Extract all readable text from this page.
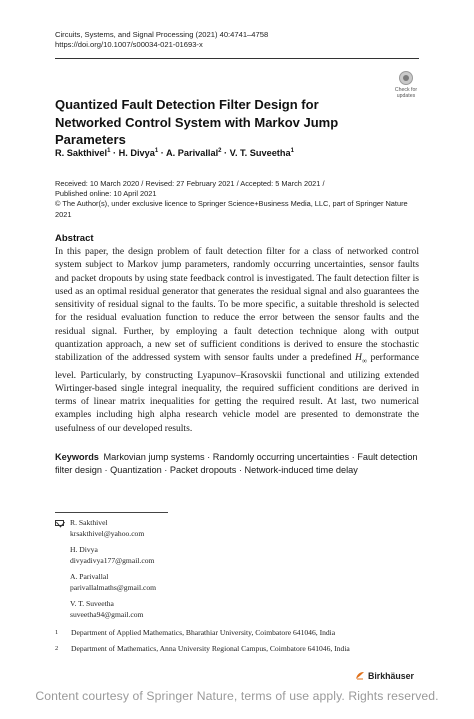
Circuits, Systems, and Signal Processing (2021) 40:4741–4758
https://doi.org/10.1007/s00034-021-01693-x
Check for
updates
Quantized Fault Detection Filter Design for Networked Control System with Markov Jump Parameters
R. Sakthivel$^1$ · H. Divya$^1$ · A. Parivallal$^2$ · V. T. Suveetha$^1$
Received: 10 March 2020 / Revised: 27 February 2021 / Accepted: 5 March 2021 /
Published online: 10 April 2021
© The Author(s), under exclusive licence to Springer Science+Business Media, LLC, part of Springer Nature 2021
Abstract
In this paper, the design problem of fault detection filter for a class of networked control system subject to Markov jump parameters, randomly occurring uncertainties, sensor faults and packet dropouts by using state feedback control is investigated. The fault detection filter is used as an optimal residual generator that generates the residual signal and also guarantees the sensitivity of residual signal to the faults. To be more specific, a suitable threshold is selected for the residual evaluation function to reduce the error between the sensor faults and the residual signal. Further, by employing a fault detection technique along with output quantization approach, a new set of sufficient conditions is derived to ensure the stochastic stabilization of the addressed system with sensor faults under a predefined $H_\infty$ performance level. Particularly, by constructing Lyapunov–Krasovskii functional and utilizing extended Wirtinger-based single integral inequality, the required sufficient conditions are derived in terms of linear matrix inequalities for getting the required result. At last, two numerical examples including high alpha research vehicle model are presented to demonstrate the usefulness of our developed results.
Keywords Markovian jump systems · Randomly occurring uncertainties · Fault detection filter design · Quantization · Packet dropouts · Network-induced time delay
R. Sakthivel
krsakthivel@yahoo.com
H. Divya
divyadivya177@gmail.com
A. Parivallal
parivallalmaths@gmail.com
V. T. Suveetha
suveetha94@gmail.com
1 Department of Applied Mathematics, Bharathiar University, Coimbatore 641046, India
2 Department of Mathematics, Anna University Regional Campus, Coimbatore 641046, India
Birkhäuser
Content courtesy of Springer Nature, terms of use apply. Rights reserved.
